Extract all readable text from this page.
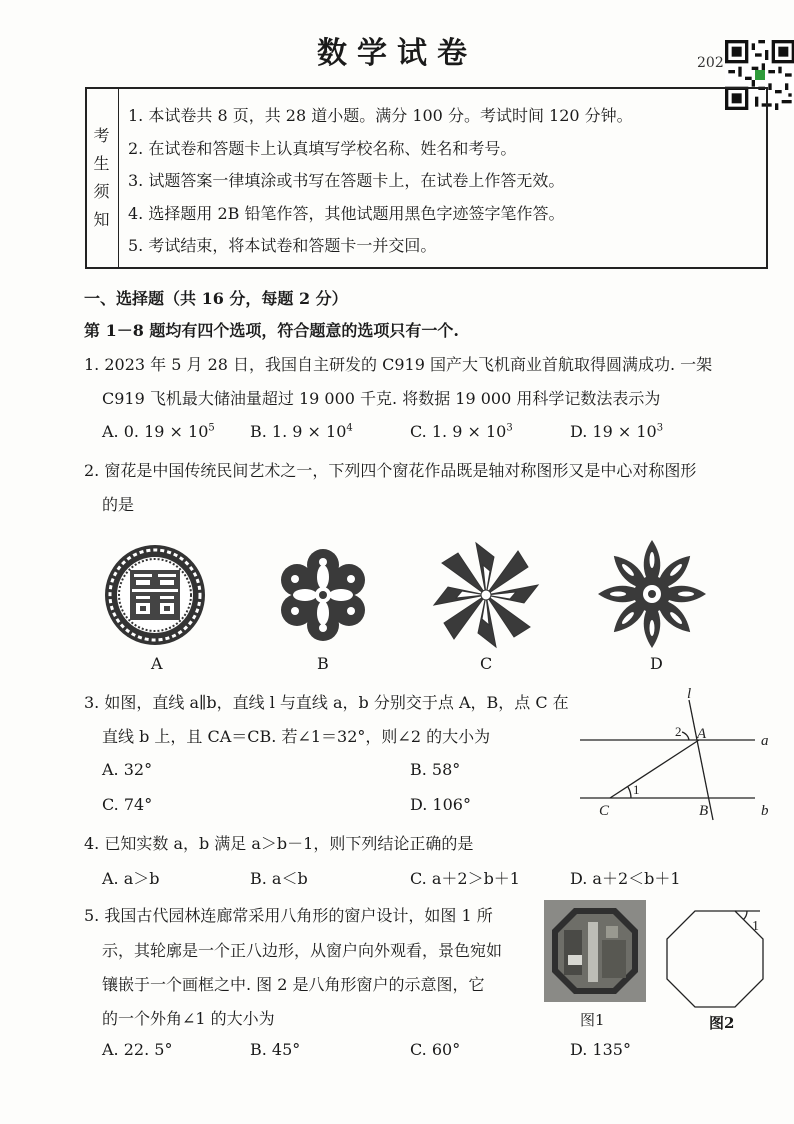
数学试卷	202
考
生
须
知
1. 本试卷共 8 页，共 28 道小题。满分 100 分。考试时间 120 分钟。
2. 在试卷和答题卡上认真填写学校名称、姓名和考号。
3. 试题答案一律填涂或书写在答题卡上，在试卷上作答无效。
4. 选择题用 2B 铅笔作答，其他试题用黑色字迹签字笔作答。
5. 考试结束，将本试卷和答题卡一并交回。
一、选择题（共 16 分，每题 2 分）
第 1－8 题均有四个选项，符合题意的选项只有一个.
1. 2023 年 5 月 28 日，我国自主研发的 C919 国产大飞机商业首航取得圆满成功. 一架
C919 飞机最大储油量超过 19 000 千克. 将数据 19 000 用科学记数法表示为
A. 0. $19 \times 10^5$ B. 1. $9 \times 10^4$	C. 1. $9 \times 10^3$	D. $19 \times 10^3$
2. 窗花是中国传统民间艺术之一，下列四个窗花作品既是轴对称图形又是中心对称图形
的是
A	B	C	D
3. 如图，直线 a∥b，直线 l 与直线 a，b 分别交于点 A，B，点 C 在
直线 b 上，且 CA＝CB. 若∠1＝32°，则∠2 的大小为
A. 32°	B. 58°
C. 74°	D. 106°
l
a
b
A
B
C
1
2
4. 已知实数 a，b 满足 a＞b－1，则下列结论正确的是
A. a＞b	B. a＜b	C. a＋2＞b＋1	D. a＋2＜b＋1
5. 我国古代园林连廊常采用八角形的窗户设计，如图 1 所
示，其轮廓是一个正八边形，从窗户向外观看，景色宛如
镶嵌于一个画框之中. 图 2 是八角形窗户的示意图，它
的一个外角∠1 的大小为
A. 22. 5°	B. 45°	C. 60°	D. 135°
图1
1
图2
